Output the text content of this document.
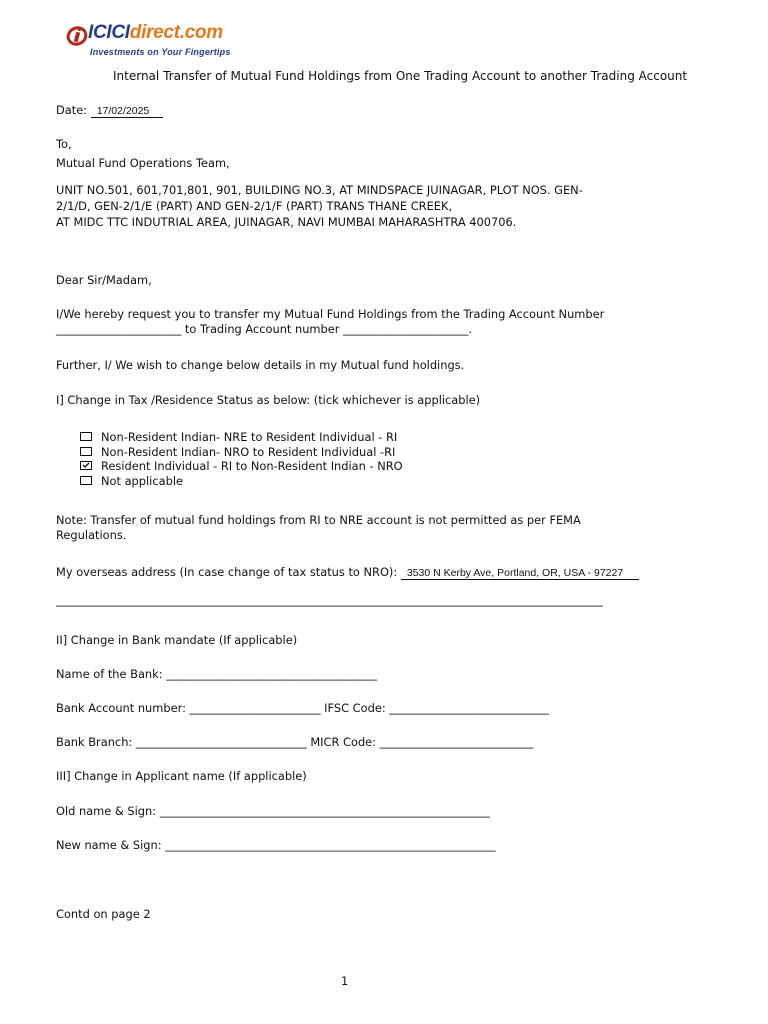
ICICIdirect.com
Investments on Your Fingertips
Internal Transfer of Mutual Fund Holdings from One Trading Account to another Trading Account
Date: 17/02/2025
To,
Mutual Fund Operations Team,
UNIT NO.501, 601,701,801, 901, BUILDING NO.3, AT MINDSPACE JUINAGAR, PLOT NOS. GEN-
2/1/D, GEN-2/1/E (PART) AND GEN-2/1/F (PART) TRANS THANE CREEK,
AT MIDC TTC INDUTRIAL AREA, JUINAGAR, NAVI MUMBAI MAHARASHTRA 400706.
Dear Sir/Madam,
I/We hereby request you to transfer my Mutual Fund Holdings from the Trading Account Number
______________________ to Trading Account number ______________________.
Further, I/ We wish to change below details in my Mutual fund holdings.
I] Change in Tax /Residence Status as below: (tick whichever is applicable)
Non-Resident Indian- NRE to Resident Individual - RI
Non-Resident Indian- NRO to Resident Individual -RI
Resident Individual - RI to Non-Resident Indian - NRO
Not applicable
Note: Transfer of mutual fund holdings from RI to NRE account is not permitted as per FEMA
Regulations.
My overseas address (In case change of tax status to NRO): 3530 N Kerby Ave, Portland, OR, USA - 97227
________________________________________________________________________________________________
II] Change in Bank mandate (If applicable)
Name of the Bank: _____________________________________
Bank Account number: _______________________ IFSC Code: ____________________________
Bank Branch: ______________________________ MICR Code: ___________________________
III] Change in Applicant name (If applicable)
Old name & Sign: __________________________________________________________
New name & Sign: __________________________________________________________
Contd on page 2
1
